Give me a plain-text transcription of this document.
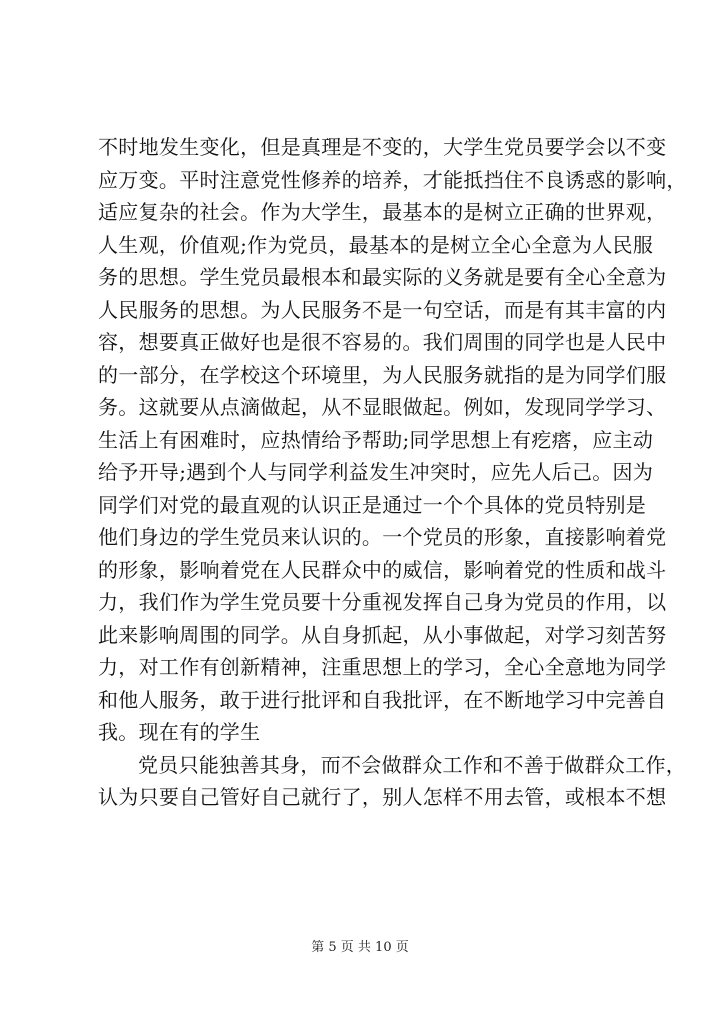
不时地发生变化，但是真理是不变的，大学生党员要学会以不变
应万变。平时注意党性修养的培养，才能抵挡住不良诱惑的影响，
适应复杂的社会。作为大学生，最基本的是树立正确的世界观，
人生观，价值观;作为党员，最基本的是树立全心全意为人民服
务的思想。学生党员最根本和最实际的义务就是要有全心全意为
人民服务的思想。为人民服务不是一句空话，而是有其丰富的内
容，想要真正做好也是很不容易的。我们周围的同学也是人民中
的一部分，在学校这个环境里，为人民服务就指的是为同学们服
务。这就要从点滴做起，从不显眼做起。例如，发现同学学习、
生活上有困难时，应热情给予帮助;同学思想上有疙瘩，应主动
给予开导;遇到个人与同学利益发生冲突时，应先人后己。因为
同学们对党的最直观的认识正是通过一个个具体的党员特别是
他们身边的学生党员来认识的。一个党员的形象，直接影响着党
的形象，影响着党在人民群众中的威信，影响着党的性质和战斗
力，我们作为学生党员要十分重视发挥自己身为党员的作用，以
此来影响周围的同学。从自身抓起，从小事做起，对学习刻苦努
力，对工作有创新精神，注重思想上的学习，全心全意地为同学
和他人服务，敢于进行批评和自我批评，在不断地学习中完善自
我。现在有的学生

党员只能独善其身，而不会做群众工作和不善于做群众工作，
认为只要自己管好自己就行了，别人怎样不用去管，或根本不想

第 5 页 共 10 页
